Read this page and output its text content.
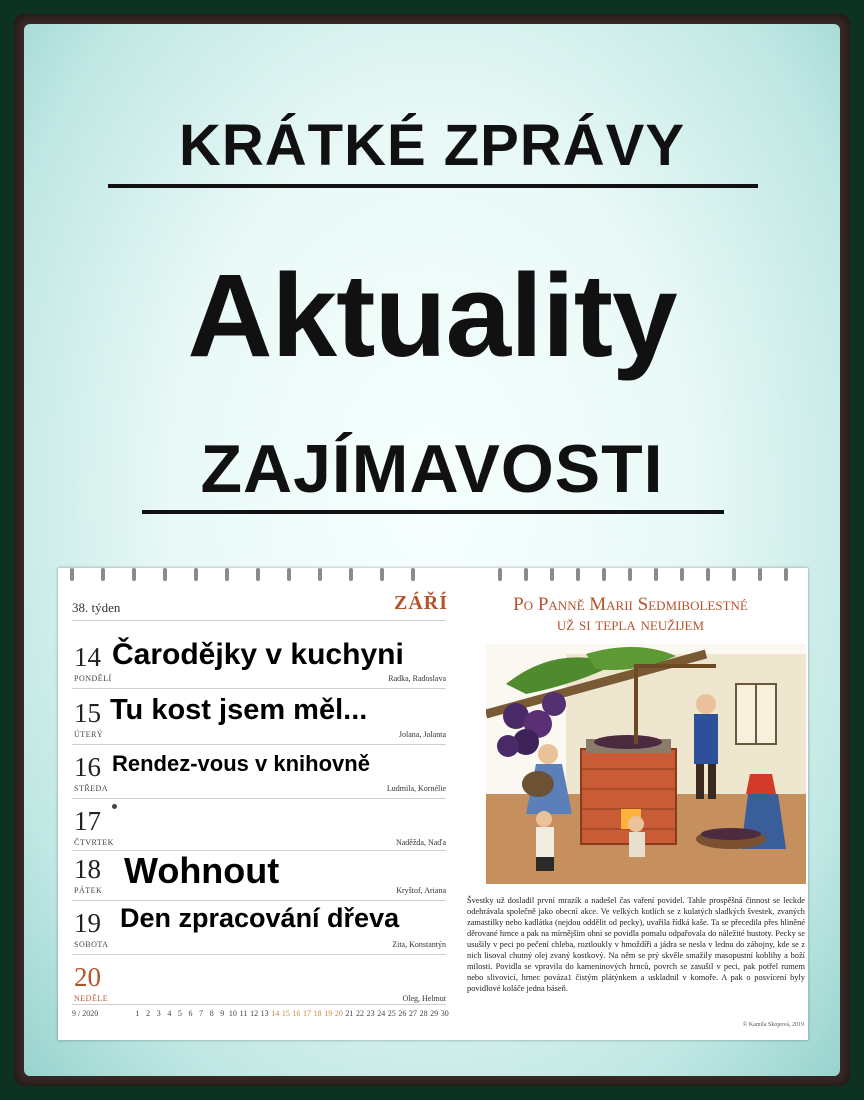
KRÁTKÉ ZPRÁVY
Aktuality
ZAJÍMAVOSTI
38. týden	ZÁŘÍ
14
PONDĚLÍ	Radka, Radoslava
Čarodějky v kuchyni
15
ÚTERÝ	Jolana, Jolanta
Tu kost jsem měl...
16
STŘEDA	Ludmila, Kornélie
Rendez-vous v knihovně
17
ČTVRTEK	Naděžda, Naďa
18
PÁTEK	Kryštof, Ariana
Wohnout
19
SOBOTA	Zita, Konstantýn
Den zpracování dřeva
20
NEDĚLE	Oleg, Helmut
9 / 2020	1 2 3 4 5 6 7 8 9 10 11 12 13 14 15 16 17 18 19 20 21 22 23 24 25 26 27 28 29 30
Po Panně Marii Sedmibolestné
už si tepla neužijem
Švestky už dosladil první mrazík a nadešel čas vaření povidel. Tahle prospěšná činnost se leckde odehrávala společně jako obecní akce. Ve velkých kotlích se z kulatých sladkých švestek, zvaných zamastilky nebo kadlátka (nejdou oddělit od pecky), uvařila řídká kaše. Ta se přecedila přes hliněné děrované hrnce a pak na mírnějším ohni se povidla pomalu odpařovala do náležité hustoty. Pecky se usušily v peci po pečení chleba, roztloukly v hmoždíři a jádra se nesla v lednu do zábojny, kde se z nich lisoval chutný olej zvaný kostkový. Na něm se prý skvěle smažily masopustní koblihy a boží milosti. Povidla se vpravila do kameninových hrnců, povrch se zasušil v peci, pak potřel rumem nebo slivovicí, hrnec pováza1 čistým plátýnkem a uskladnil v komoře. A pak o posvícení byly povidlové koláče jedna báseň.
© Kamila Skopová, 2019
